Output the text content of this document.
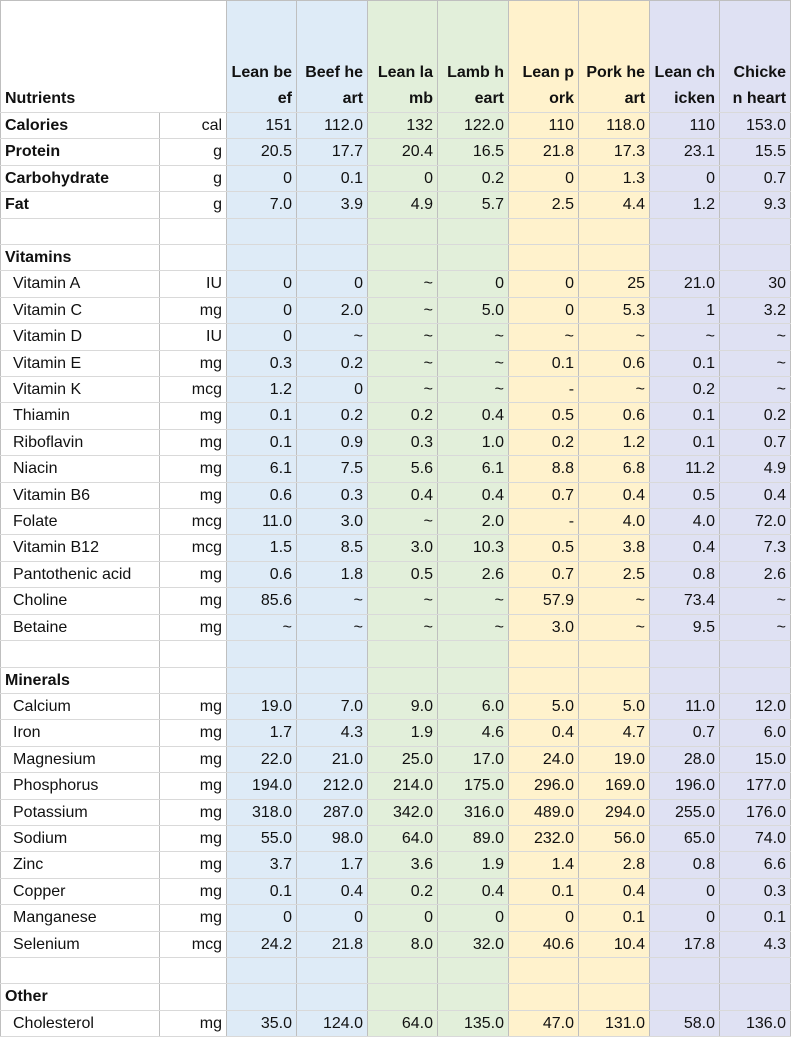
Nutrients		Lean beef	Beef heart	Lean lamb	Lamb heart	Lean pork	Pork heart	Lean chicken	Chicken heart
Calories	cal	151	112.0	132	122.0	110	118.0	110	153.0
Protein	g	20.5	17.7	20.4	16.5	21.8	17.3	23.1	15.5
Carbohydrate	g	0	0.1	0	0.2	0	1.3	0	0.7
Fat	g	7.0	3.9	4.9	5.7	2.5	4.4	1.2	9.3

Vitamins									
Vitamin A	IU	0	0	~	0	0	25	21.0	30
Vitamin C	mg	0	2.0	~	5.0	0	5.3	1	3.2
Vitamin D	IU	0	~	~	~	~	~	~	~
Vitamin E	mg	0.3	0.2	~	~	0.1	0.6	0.1	~
Vitamin K	mcg	1.2	0	~	~	-	~	0.2	~
Thiamin	mg	0.1	0.2	0.2	0.4	0.5	0.6	0.1	0.2
Riboflavin	mg	0.1	0.9	0.3	1.0	0.2	1.2	0.1	0.7
Niacin	mg	6.1	7.5	5.6	6.1	8.8	6.8	11.2	4.9
Vitamin B6	mg	0.6	0.3	0.4	0.4	0.7	0.4	0.5	0.4
Folate	mcg	11.0	3.0	~	2.0	-	4.0	4.0	72.0
Vitamin B12	mcg	1.5	8.5	3.0	10.3	0.5	3.8	0.4	7.3
Pantothenic acid	mg	0.6	1.8	0.5	2.6	0.7	2.5	0.8	2.6
Choline	mg	85.6	~	~	~	57.9	~	73.4	~
Betaine	mg	~	~	~	~	3.0	~	9.5	~

Minerals									
Calcium	mg	19.0	7.0	9.0	6.0	5.0	5.0	11.0	12.0
Iron	mg	1.7	4.3	1.9	4.6	0.4	4.7	0.7	6.0
Magnesium	mg	22.0	21.0	25.0	17.0	24.0	19.0	28.0	15.0
Phosphorus	mg	194.0	212.0	214.0	175.0	296.0	169.0	196.0	177.0
Potassium	mg	318.0	287.0	342.0	316.0	489.0	294.0	255.0	176.0
Sodium	mg	55.0	98.0	64.0	89.0	232.0	56.0	65.0	74.0
Zinc	mg	3.7	1.7	3.6	1.9	1.4	2.8	0.8	6.6
Copper	mg	0.1	0.4	0.2	0.4	0.1	0.4	0	0.3
Manganese	mg	0	0	0	0	0	0.1	0	0.1
Selenium	mcg	24.2	21.8	8.0	32.0	40.6	10.4	17.8	4.3

Other									
Cholesterol	mg	35.0	124.0	64.0	135.0	47.0	131.0	58.0	136.0
